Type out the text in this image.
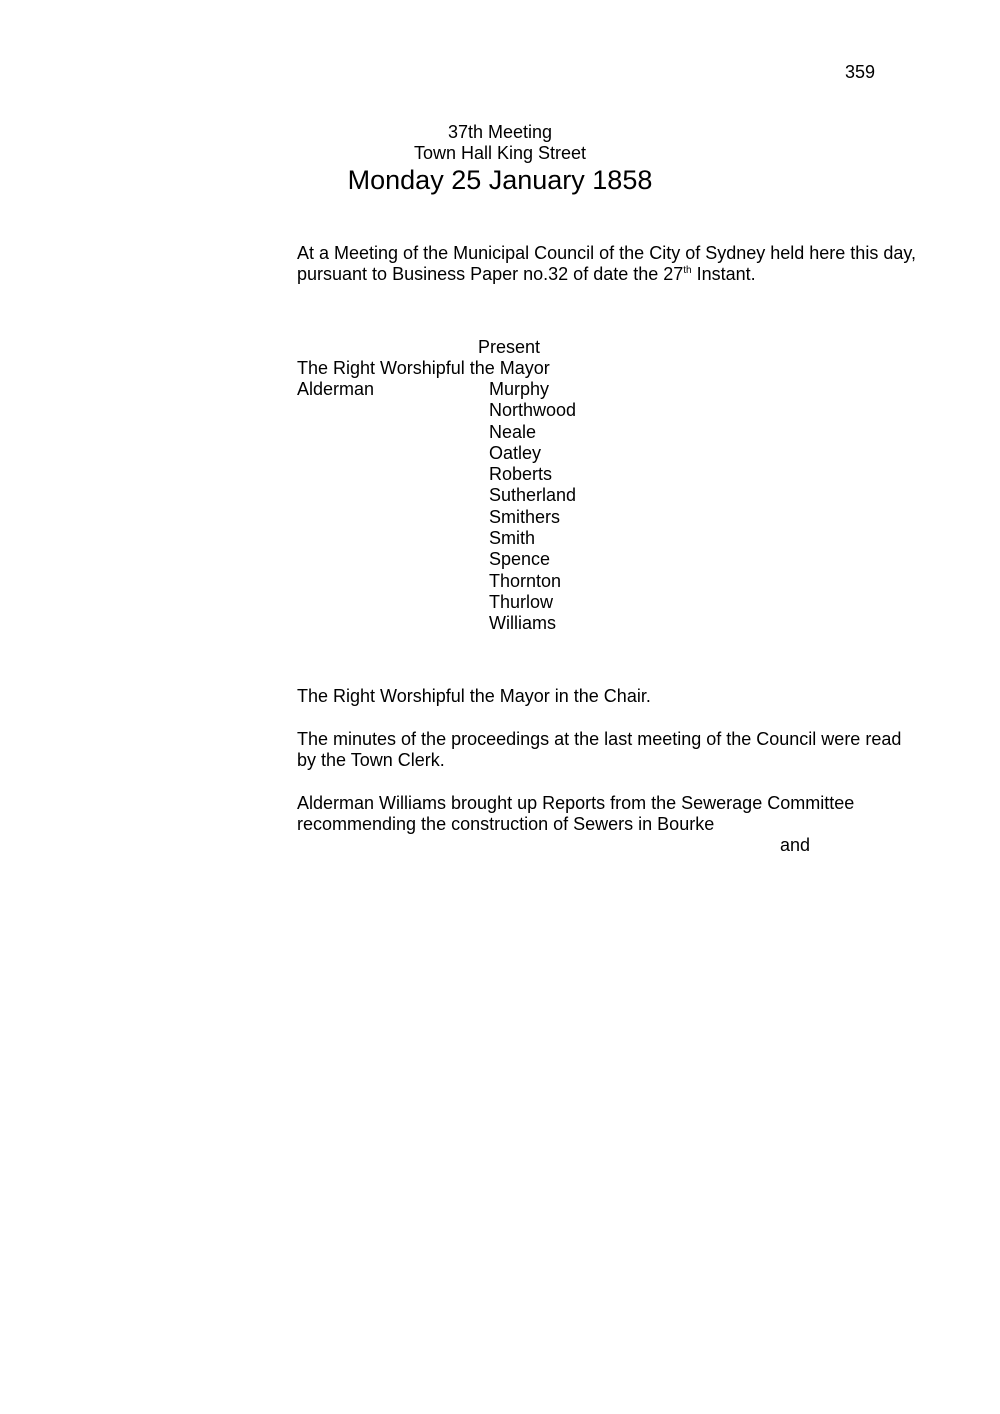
359
37th Meeting
Town Hall King Street
Monday 25 January 1858
At a Meeting of the Municipal Council of the City of Sydney held here this day, pursuant to Business Paper no.32 of date the 27th Instant.
Present
The Right Worshipful the Mayor
Alderman	Murphy
Northwood
Neale
Oatley
Roberts
Sutherland
Smithers
Smith
Spence
Thornton
Thurlow
Williams
The Right Worshipful the Mayor in the Chair.
The minutes of the proceedings at the last meeting of the Council were read by the Town Clerk.
Alderman Williams brought up Reports from the Sewerage Committee recommending the construction of Sewers in Bourke
and
